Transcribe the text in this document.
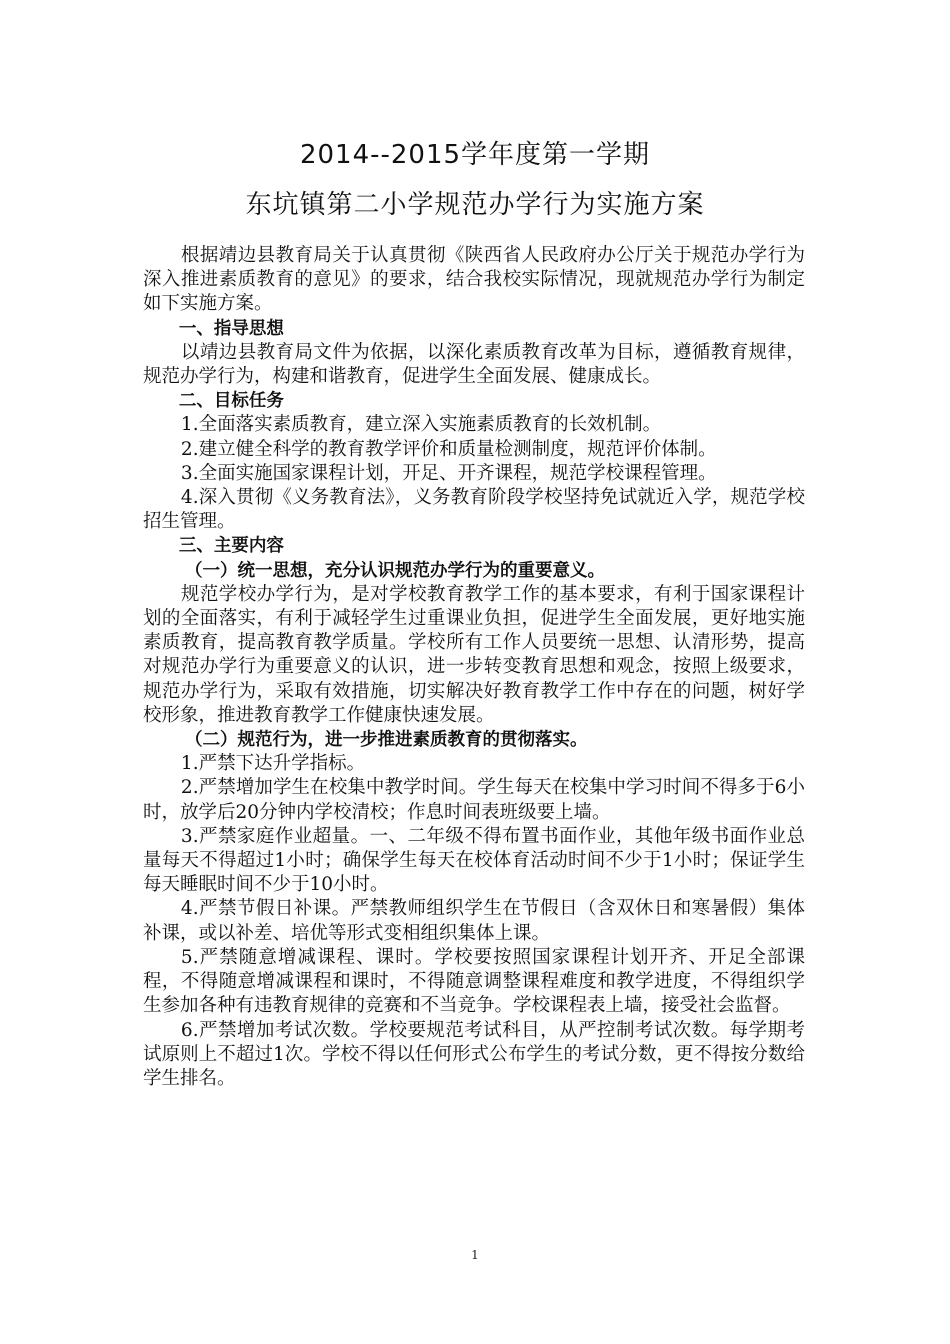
2014--2015学年度第一学期
东坑镇第二小学规范办学行为实施方案

根据靖边县教育局关于认真贯彻《陕西省人民政府办公厅关于规范办学行为　深入推进素质教育的意见》的要求，结合我校实际情况，现就规范办学行为制定如下实施方案。

一、指导思想

以靖边县教育局文件为依据，以深化素质教育改革为目标，遵循教育规律，规范办学行为，构建和谐教育，促进学生全面发展、健康成长。

二、目标任务

1.全面落实素质教育，建立深入实施素质教育的长效机制。

2.建立健全科学的教育教学评价和质量检测制度，规范评价体制。

3.全面实施国家课程计划，开足、开齐课程，规范学校课程管理。

4.深入贯彻《义务教育法》，义务教育阶段学校坚持免试就近入学，规范学校招生管理。

三、主要内容

（一）统一思想，充分认识规范办学行为的重要意义。

规范学校办学行为，是对学校教育教学工作的基本要求，有利于国家课程计划的全面落实，有利于减轻学生过重课业负担，促进学生全面发展，更好地实施素质教育，提高教育教学质量。学校所有工作人员要统一思想、认清形势，提高对规范办学行为重要意义的认识，进一步转变教育思想和观念，按照上级要求，规范办学行为，采取有效措施，切实解决好教育教学工作中存在的问题，树好学校形象，推进教育教学工作健康快速发展。

（二）规范行为，进一步推进素质教育的贯彻落实。

1.严禁下达升学指标。

2.严禁增加学生在校集中教学时间。学生每天在校集中学习时间不得多于6小时，放学后20分钟内学校清校；作息时间表班级要上墙。

3.严禁家庭作业超量。一、二年级不得布置书面作业，其他年级书面作业总量每天不得超过1小时；确保学生每天在校体育活动时间不少于1小时；保证学生每天睡眠时间不少于10小时。

4.严禁节假日补课。严禁教师组织学生在节假日（含双休日和寒暑假）集体补课，或以补差、培优等形式变相组织集体上课。

5.严禁随意增减课程、课时。学校要按照国家课程计划开齐、开足全部课程，不得随意增减课程和课时，不得随意调整课程难度和教学进度，不得组织学生参加各种有违教育规律的竞赛和不当竞争。学校课程表上墙，接受社会监督。

6.严禁增加考试次数。学校要规范考试科目，从严控制考试次数。每学期考试原则上不超过1次。学校不得以任何形式公布学生的考试分数，更不得按分数给学生排名。

1
